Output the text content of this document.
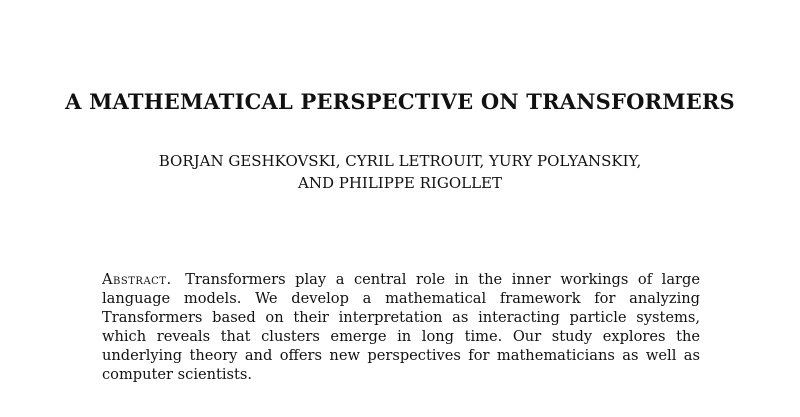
A MATHEMATICAL PERSPECTIVE ON TRANSFORMERS
BORJAN GESHKOVSKI, CYRIL LETROUIT, YURY POLYANSKIY,
AND PHILIPPE RIGOLLET
Abstract. Transformers play a central role in the inner workings of large language models. We develop a mathematical framework for analyzing Transformers based on their interpretation as interacting particle systems, which reveals that clusters emerge in long time. Our study explores the underlying theory and offers new perspectives for mathematicians as well as computer scientists.
